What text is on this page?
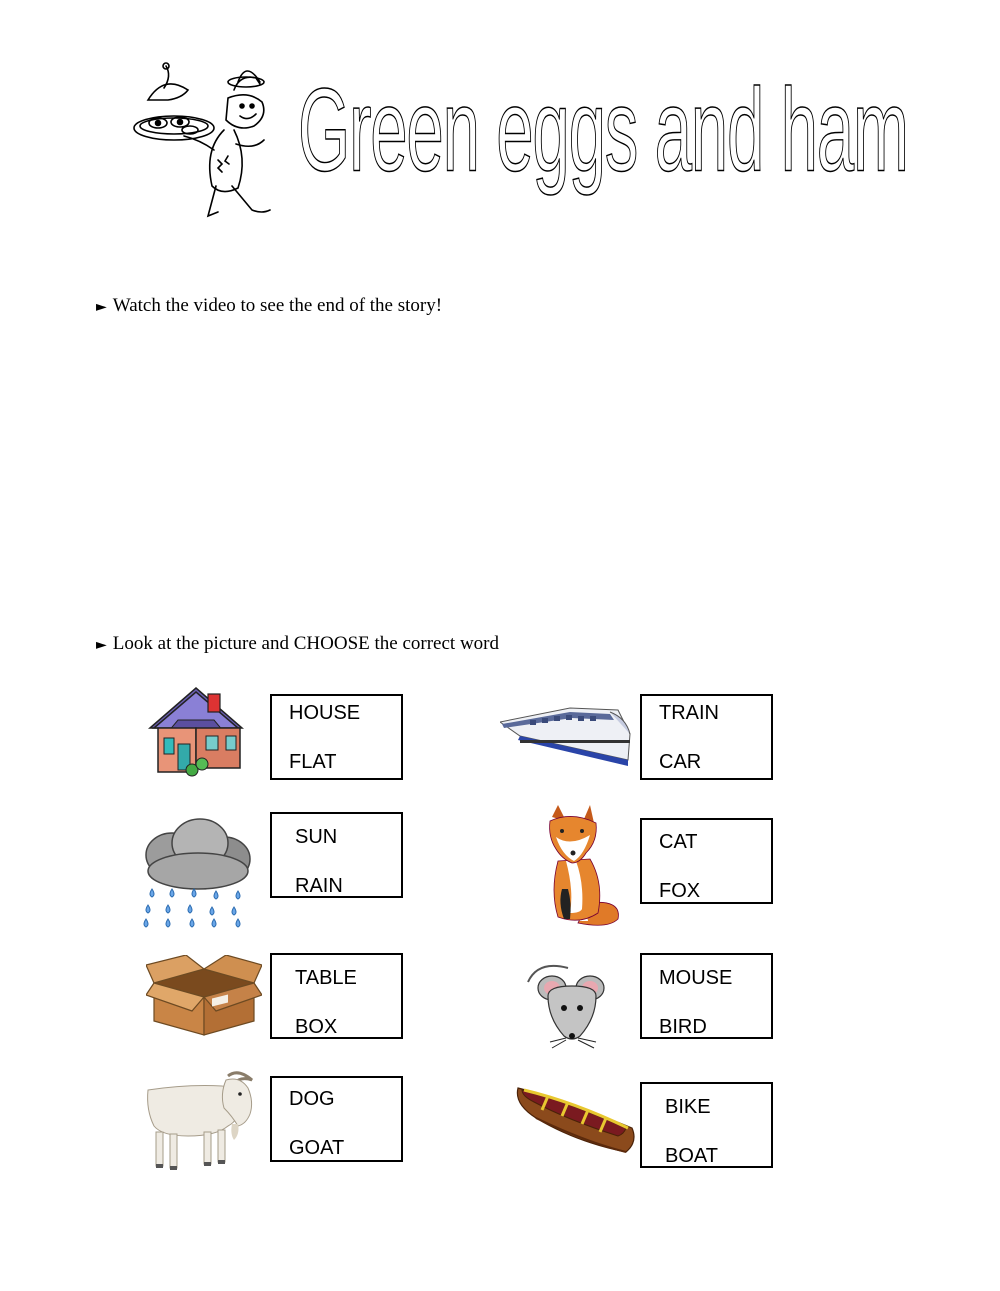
Green eggs and ham
► Watch the video to see the end of the story!
► Look at the picture and CHOOSE the correct word
HOUSE
FLAT
TRAIN
CAR
SUN
RAIN
CAT
FOX
TABLE
BOX
MOUSE
BIRD
DOG
GOAT
BIKE
BOAT
